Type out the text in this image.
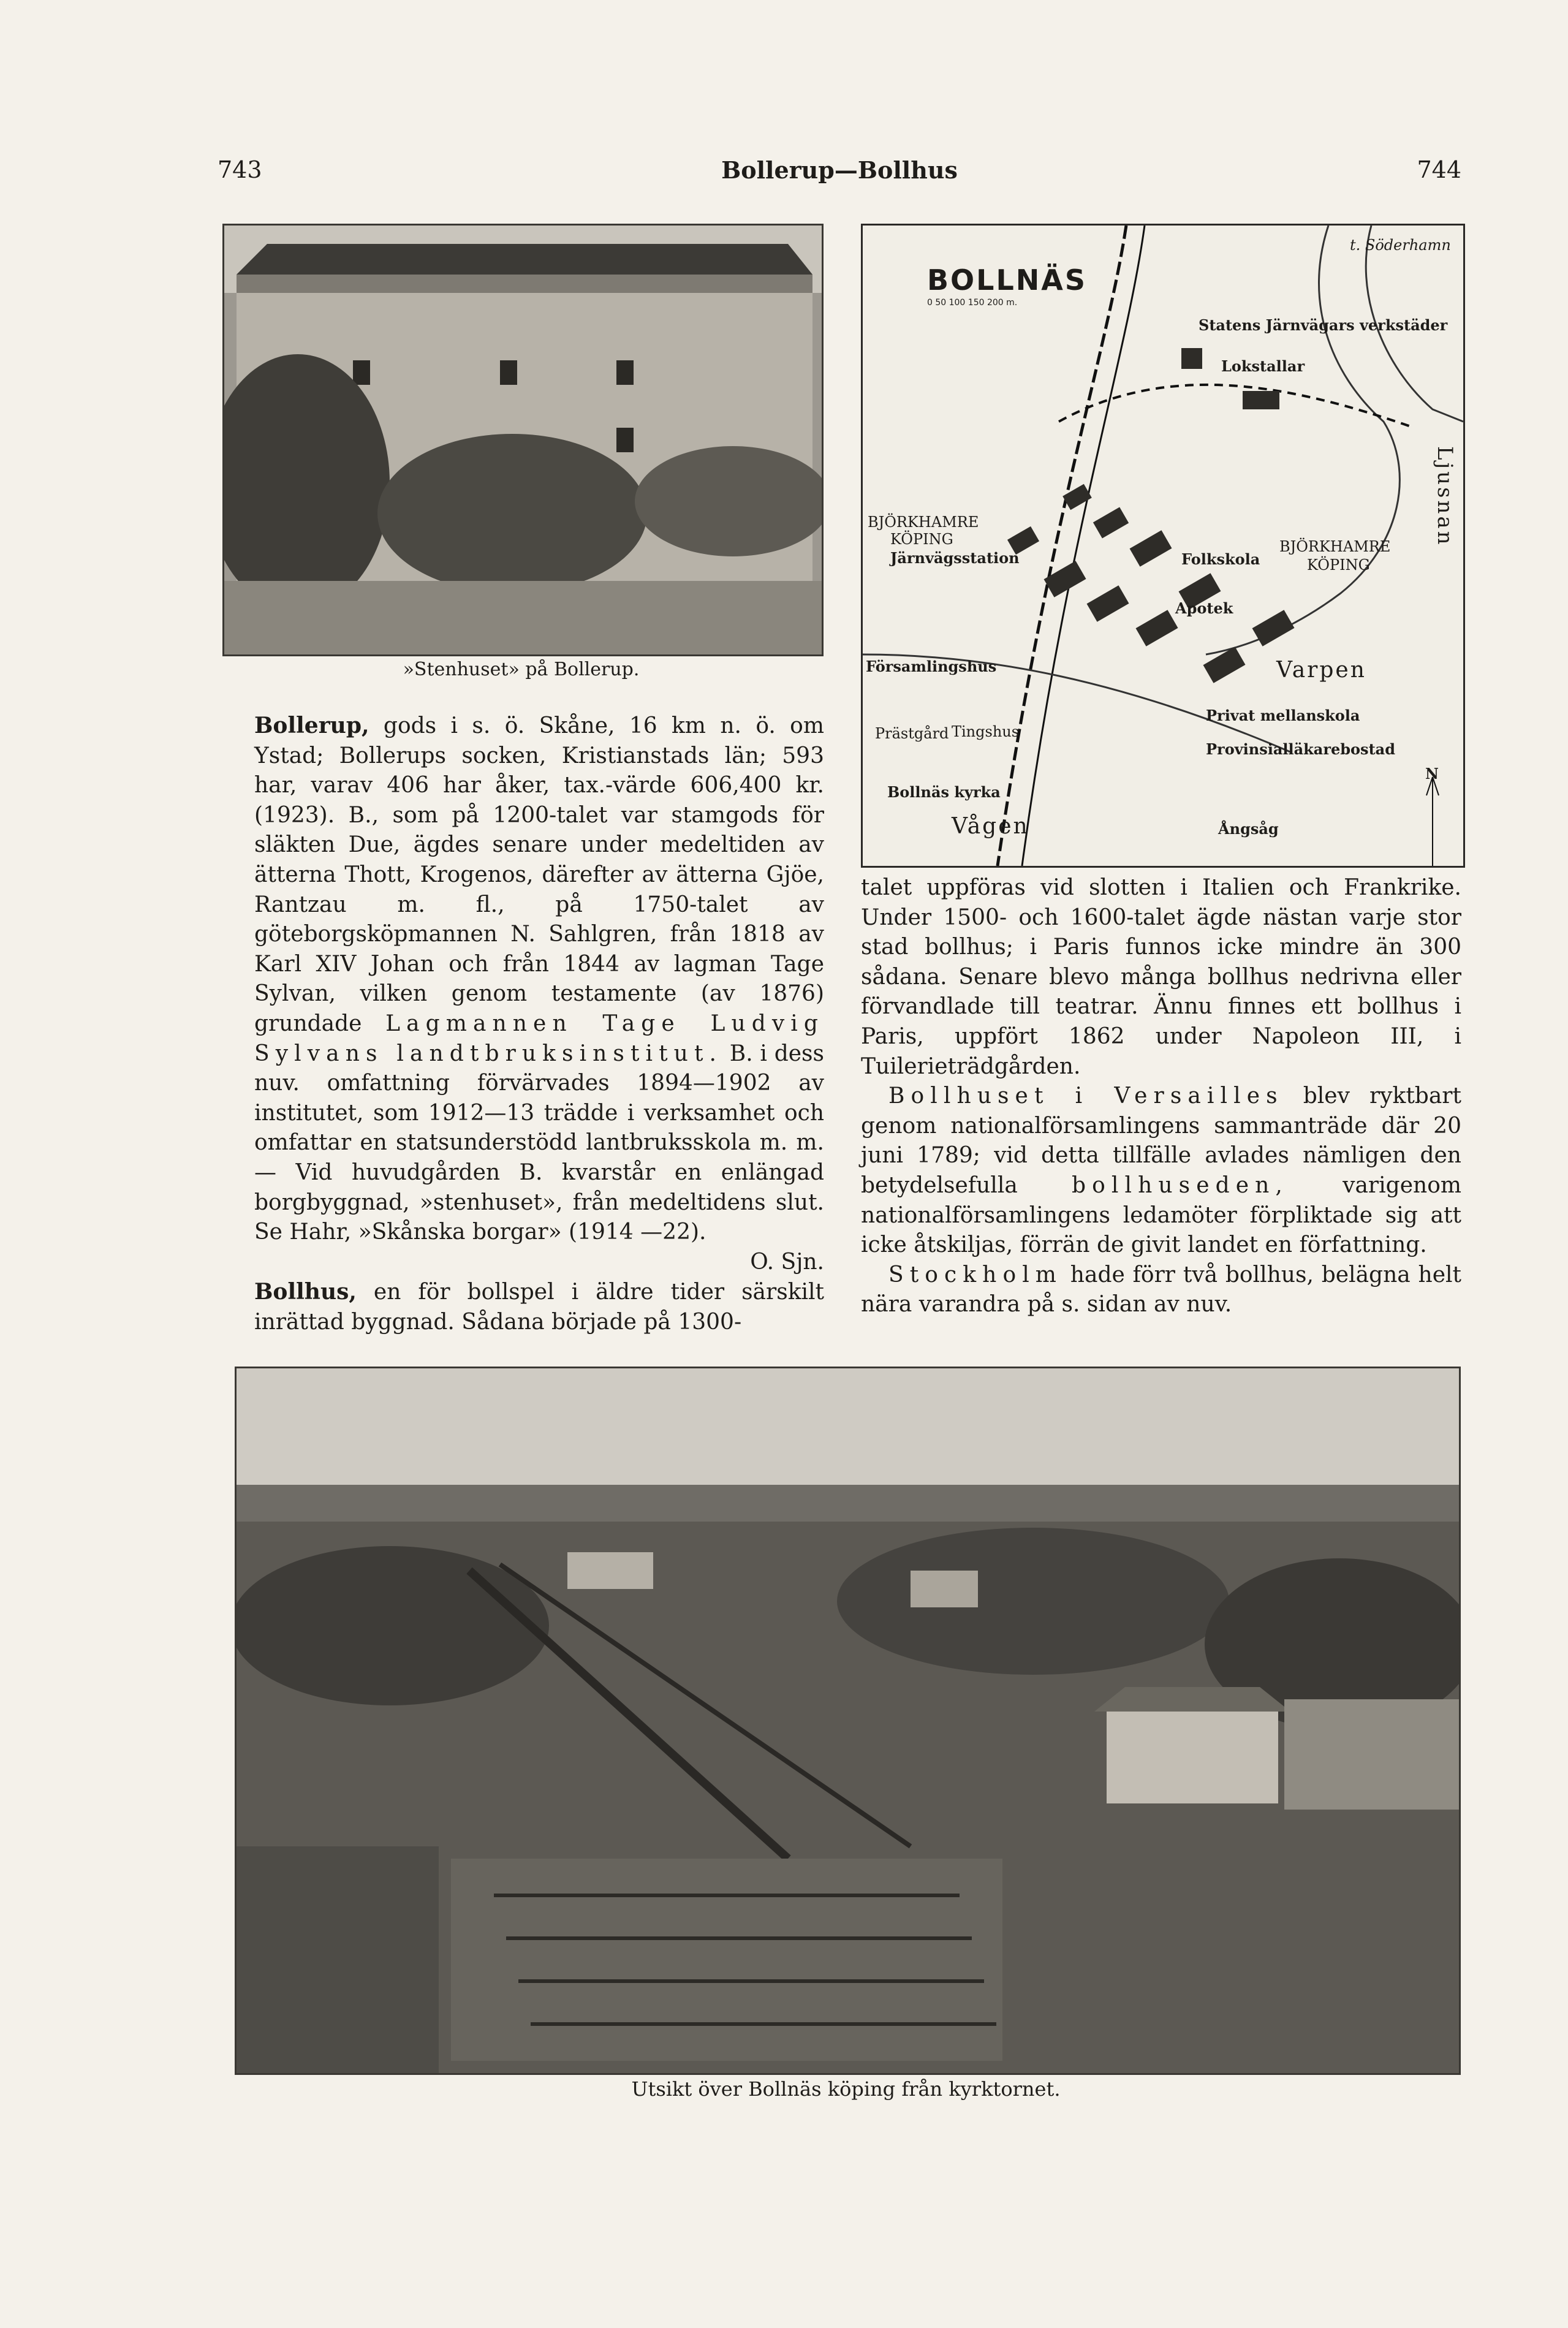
743	Bollerup—Bollhus	744
»Stenhuset» på Bollerup.

Bollerup, gods i s. ö. Skåne, 16 km n. ö. om Ystad; Bollerups socken, Kristianstads län; 593 har, varav 406 har åker, tax.-värde 606,400 kr. (1923). B., som på 1200-talet var stamgods för släkten Due, ägdes senare under medeltiden av ätterna Thott, Krogenos, därefter av ätterna Gjöe, Rantzau m. fl., på 1750-talet av göteborgsköpmannen N. Sahlgren, från 1818 av Karl XIV Johan och från 1844 av lagman Tage Sylvan, vilken genom testamente (av 1876) grundade Lagmannen Tage Ludvig Sylvans landtbruksinstitut. B. i dess nuv. omfattning förvärvades 1894—1902 av institutet, som 1912—13 trädde i verksamhet och omfattar en statsunderstödd lantbruksskola m. m. — Vid huvudgården B. kvarstår en enlängad borgbyggnad, »stenhuset», från medeltidens slut. Se Hahr, »Skånska borgar» (1914 —22).
O. Sjn.

Bollhus, en för bollspel i äldre tider särskilt inrättad byggnad. Sådana började på 1300-

BOLLNÄS
0 50 100 150 200 m.
t. Söderhamn
Statens Järnvägars verkstäder
Lokstallar
BJÖRKHAMRE
KÖPING
Järnvägsstation	Folkskola
Apotek
BJÖRKHAMRE
KÖPING
Ljusnan
Varpen
Församlingshus
Privat mellanskola
Prästgård Tingshus
Provinsialläkarebostad
Bollnäs kyrka
N
Vågen	Ångsåg

talet uppföras vid slotten i Italien och Frankrike. Under 1500- och 1600-talet ägde nästan varje stor stad bollhus; i Paris funnos icke mindre än 300 sådana. Senare blevo många bollhus nedrivna eller förvandlade till teatrar. Ännu finnes ett bollhus i Paris, uppfört 1862 under Napoleon III, i Tuilerieträdgården.

Bollhuset i Versailles blev ryktbart genom nationalförsamlingens sammanträde där 20 juni 1789; vid detta tillfälle avlades nämligen den betydelsefulla bollhuseden, varigenom nationalförsamlingens ledamöter förpliktade sig att icke åtskiljas, förrän de givit landet en författning.

Stockholm hade förr två bollhus, belägna helt nära varandra på s. sidan av nuv.

Utsikt över Bollnäs köping från kyrktornet.
